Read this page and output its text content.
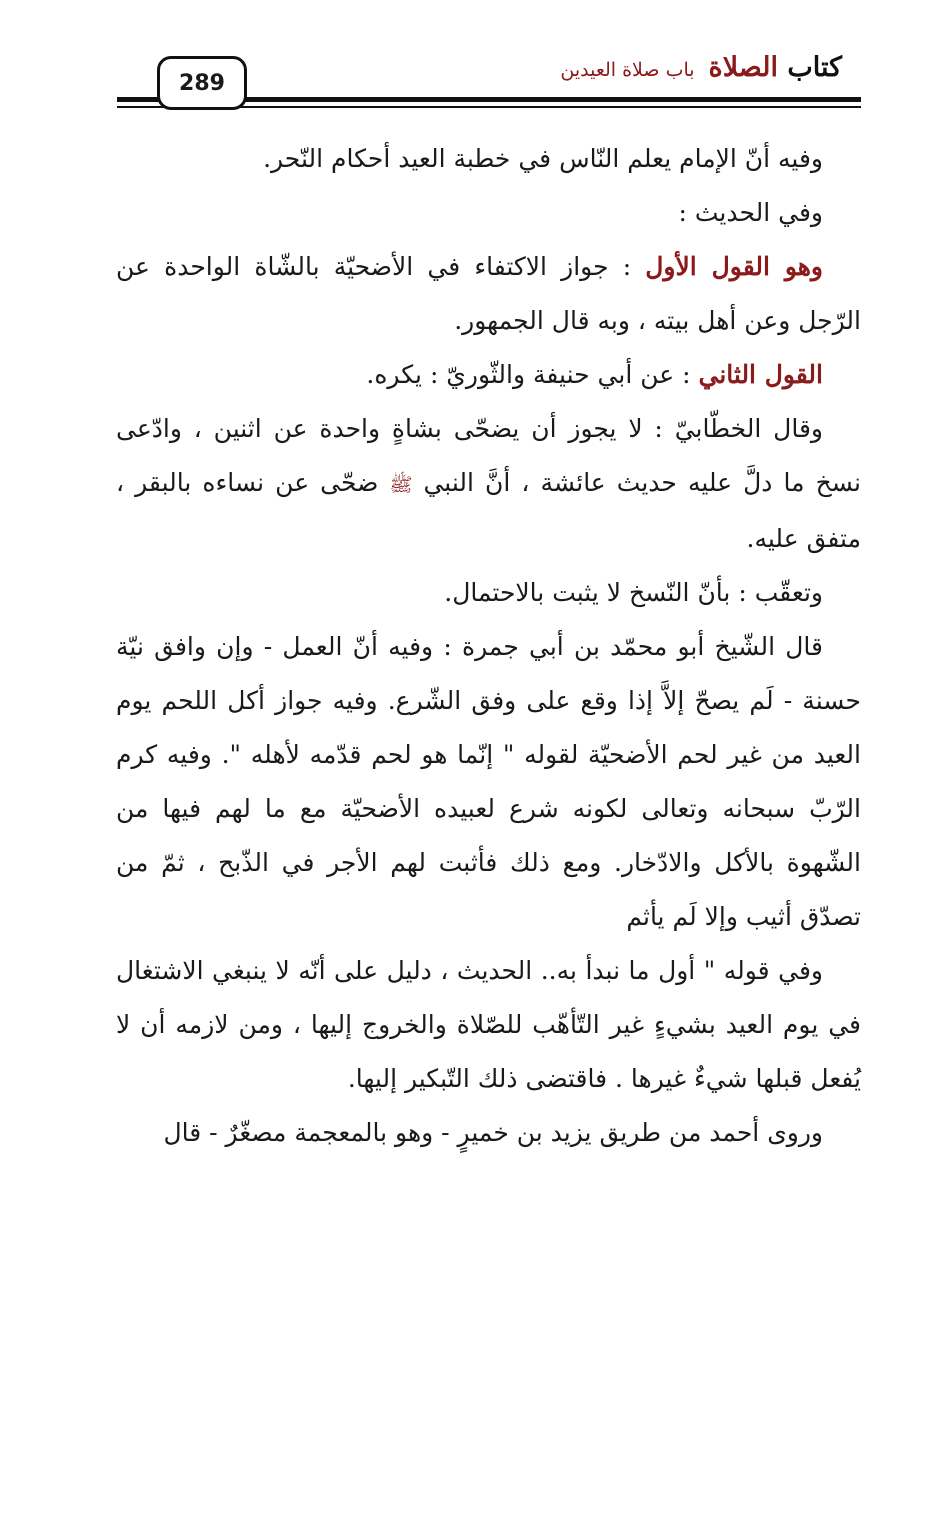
289	كتاب الصلاةباب صلاة العيدين

وفيه أنّ الإمام يعلم النّاس في خطبة العيد أحكام النّحر.

وفي الحديث :

وهو القول الأول : جواز الاكتفاء في الأضحيّة بالشّاة الواحدة عن الرّجل وعن أهل بيته ، وبه قال الجمهور.

القول الثاني : عن أبي حنيفة والثّوريّ : يكره.

وقال الخطّابيّ : لا يجوز أن يضحّى بشاةٍ واحدة عن اثنين ، وادّعى نسخ ما دلَّ عليه حديث عائشة ، أنَّ النبي ﷺ ضحّى عن نساءه بالبقر ، متفق عليه.

وتعقّب : بأنّ النّسخ لا يثبت بالاحتمال.

قال الشّيخ أبو محمّد بن أبي جمرة : وفيه أنّ العمل - وإن وافق نيّة حسنة - لَم يصحّ إلاَّ إذا وقع على وفق الشّرع. وفيه جواز أكل اللحم يوم العيد من غير لحم الأضحيّة لقوله " إنّما هو لحم قدّمه لأهله ". وفيه كرم الرّبّ سبحانه وتعالى لكونه شرع لعبيده الأضحيّة مع ما لهم فيها من الشّهوة بالأكل والادّخار. ومع ذلك فأثبت لهم الأجر في الذّبح ، ثمّ من تصدّق أثيب وإلا لَم يأثم

وفي قوله " أول ما نبدأ به.. الحديث ، دليل على أنّه لا ينبغي الاشتغال في يوم العيد بشيءٍ غير التّأهّب للصّلاة والخروج إليها ، ومن لازمه أن لا يُفعل قبلها شيءٌ غيرها . فاقتضى ذلك التّبكير إليها.

وروى أحمد من طريق يزيد بن خميرٍ - وهو بالمعجمة مصغّرٌ - قال
